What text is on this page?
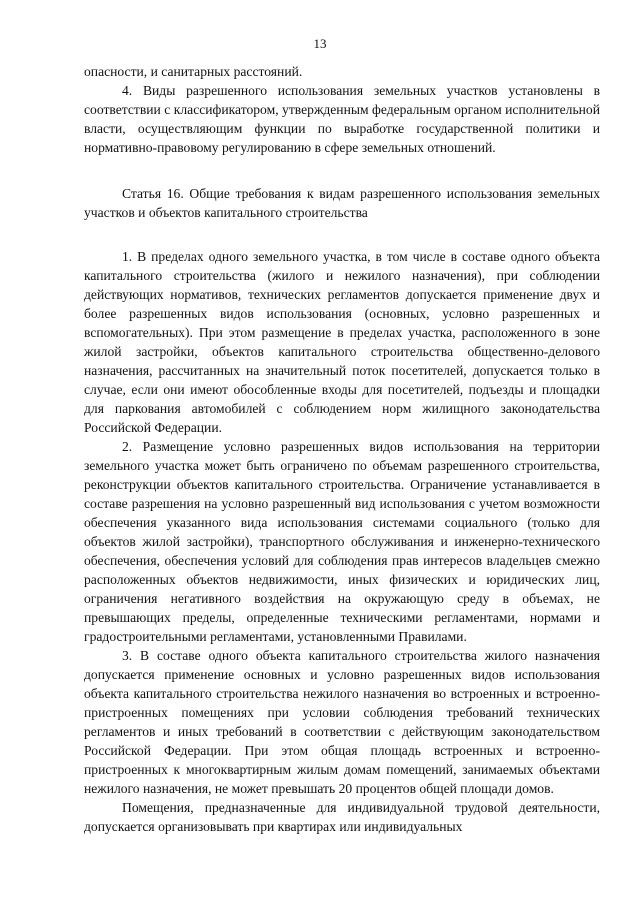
13

опасности, и санитарных расстояний.

4. Виды разрешенного использования земельных участков установлены в соответствии с классификатором, утвержденным федеральным органом исполнительной власти, осуществляющим функции по выработке государственной политики и нормативно-правовому регулированию в сфере земельных отношений.

Статья 16. Общие требования к видам разрешенного использования земельных участков и объектов капитального строительства

1. В пределах одного земельного участка, в том числе в составе одного объекта капитального строительства (жилого и нежилого назначения), при соблюдении действующих нормативов, технических регламентов допускается применение двух и более разрешенных видов использования (основных, условно разрешенных и вспомогательных). При этом размещение в пределах участка, расположенного в зоне жилой застройки, объектов капитального строительства общественно-делового назначения, рассчитанных на значительный поток посетителей, допускается только в случае, если они имеют обособленные входы для посетителей, подъезды и площадки для паркования автомобилей с соблюдением норм жилищного законодательства Российской Федерации.

2. Размещение условно разрешенных видов использования на территории земельного участка может быть ограничено по объемам разрешенного строительства, реконструкции объектов капитального строительства. Ограничение устанавливается в составе разрешения на условно разрешенный вид использования с учетом возможности обеспечения указанного вида использования системами социального (только для объектов жилой застройки), транспортного обслуживания и инженерно-технического обеспечения, обеспечения условий для соблюдения прав интересов владельцев смежно расположенных объектов недвижимости, иных физических и юридических лиц, ограничения негативного воздействия на окружающую среду в объемах, не превышающих пределы, определенные техническими регламентами, нормами и градостроительными регламентами, установленными Правилами.

3. В составе одного объекта капитального строительства жилого назначения допускается применение основных и условно разрешенных видов использования объекта капитального строительства нежилого назначения во встроенных и встроенно-пристроенных помещениях при условии соблюдения требований технических регламентов и иных требований в соответствии с действующим законодательством Российской Федерации. При этом общая площадь встроенных и встроенно-пристроенных к многоквартирным жилым домам помещений, занимаемых объектами нежилого назначения, не может превышать 20 процентов общей площади домов.

Помещения, предназначенные для индивидуальной трудовой деятельности, допускается организовывать при квартирах или индивидуальных
